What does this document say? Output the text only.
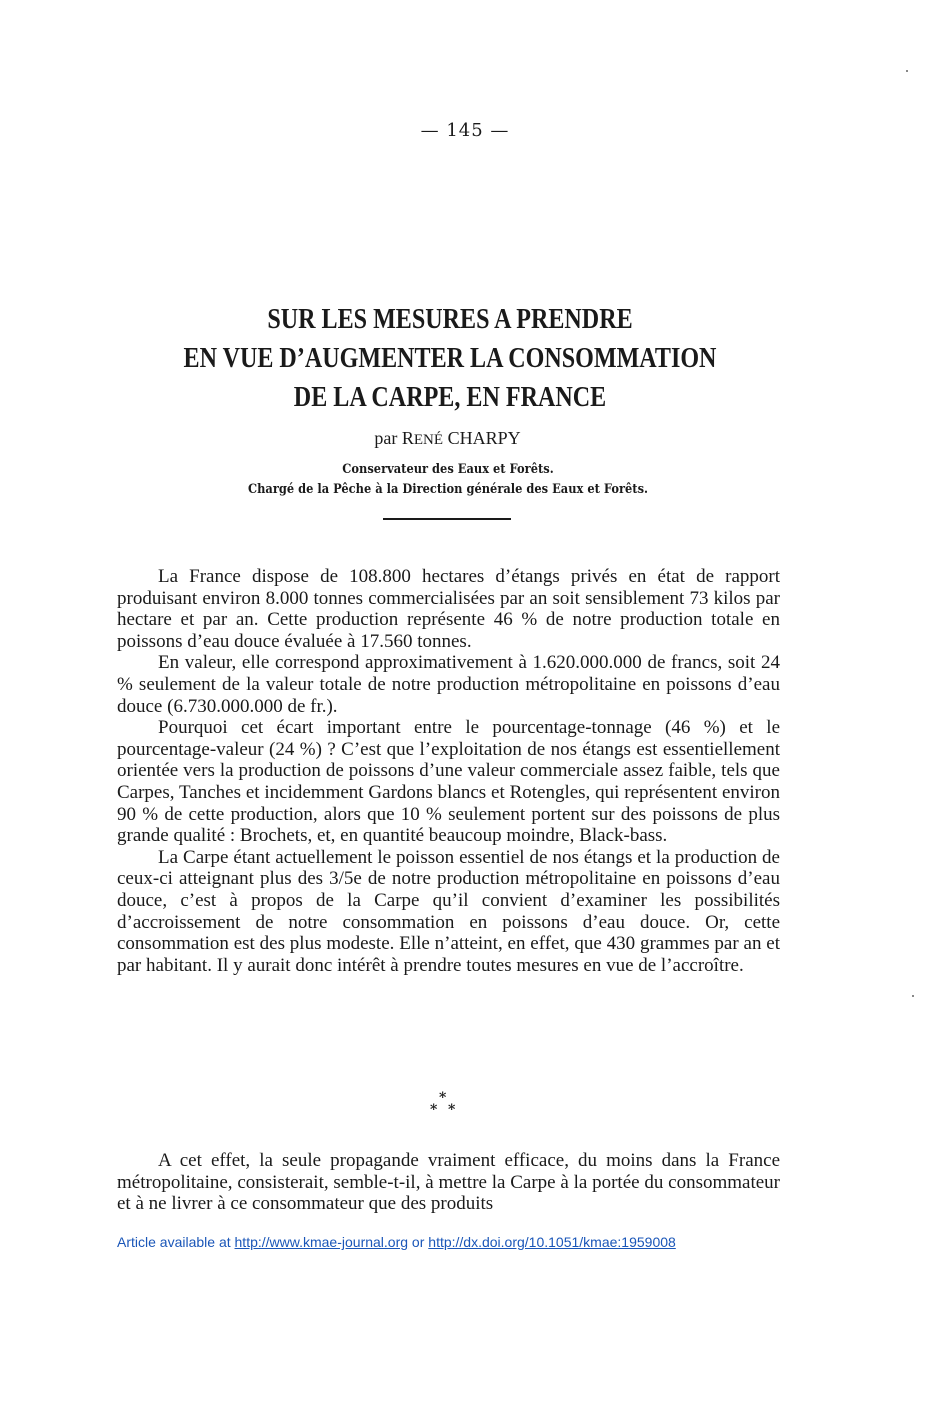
— 145 —
SUR LES MESURES A PRENDRE
EN VUE D’AUGMENTER LA CONSOMMATION
DE LA CARPE, EN FRANCE
par RENÉ CHARPY
Conservateur des Eaux et Forêts.
Chargé de la Pêche à la Direction générale des Eaux et Forêts.

La France dispose de 108.800 hectares d’étangs privés en état de rapport produisant environ 8.000 tonnes commercialisées par an soit sensiblement 73 kilos par hectare et par an. Cette production représente 46 % de notre production totale en poissons d’eau douce évaluée à 17.560 tonnes.

En valeur, elle correspond approximativement à 1.620.000.000 de francs, soit 24 % seulement de la valeur totale de notre production métropolitaine en poissons d’eau douce (6.730.000.000 de fr.).

Pourquoi cet écart important entre le pourcentage-tonnage (46 %) et le pourcentage-valeur (24 %) ? C’est que l’exploitation de nos étangs est essentiellement orientée vers la production de poissons d’une valeur commerciale assez faible, tels que Carpes, Tanches et incidemment Gardons blancs et Rotengles, qui représentent environ 90 % de cette production, alors que 10 % seulement portent sur des poissons de plus grande qualité : Brochets, et, en quantité beaucoup moindre, Black-bass.

La Carpe étant actuellement le poisson essentiel de nos étangs et la production de ceux-ci atteignant plus des 3/5e de notre production métropolitaine en poissons d’eau douce, c’est à propos de la Carpe qu’il convient d’examiner les possibilités d’accroissement de notre consommation en poissons d’eau douce. Or, cette consommation est des plus modeste. Elle n’atteint, en effet, que 430 grammes par an et par habitant. Il y aurait donc intérêt à prendre toutes mesures en vue de l’accroître.

*
* *

A cet effet, la seule propagande vraiment efficace, du moins dans la France métropolitaine, consisterait, semble-t-il, à mettre la Carpe à la portée du consommateur et à ne livrer à ce consommateur que des produits

Article available at http://www.kmae-journal.org or http://dx.doi.org/10.1051/kmae:1959008
